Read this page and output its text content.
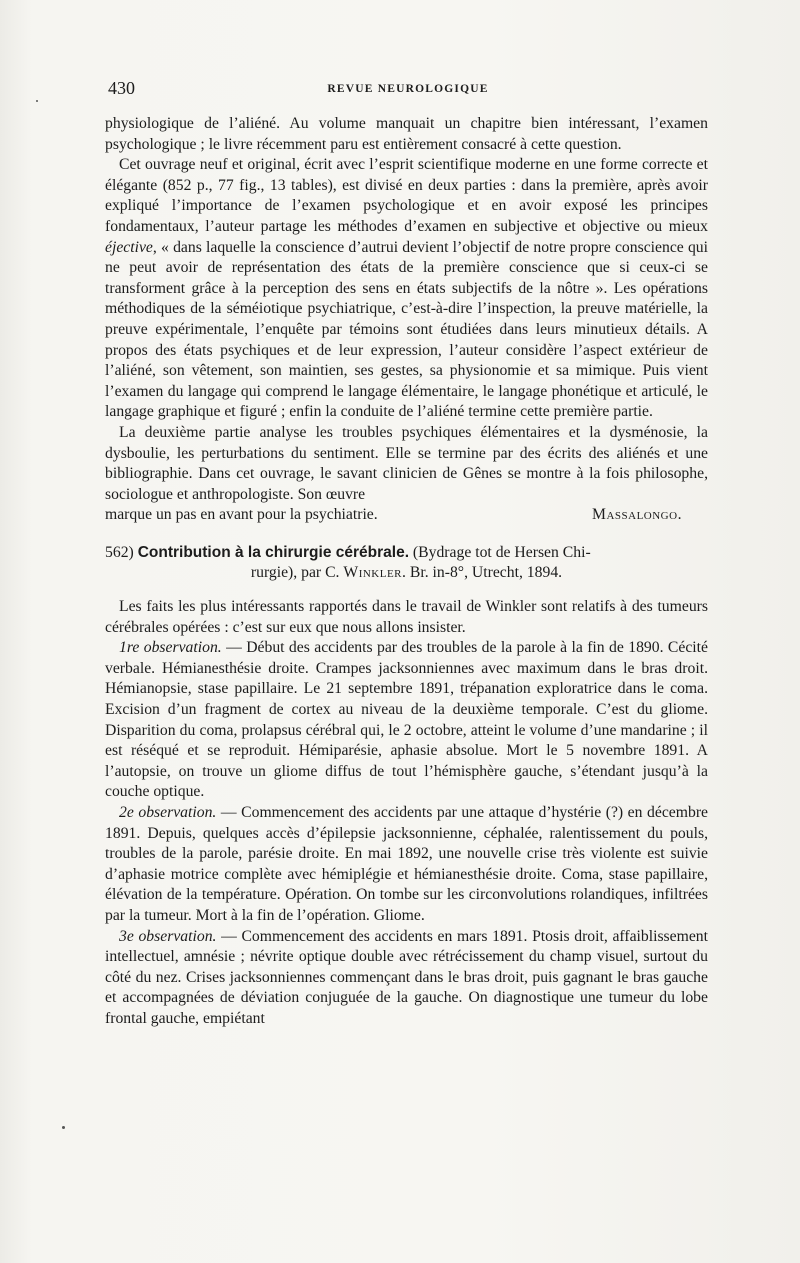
430	REVUE NEUROLOGIQUE

physiologique de l’aliéné. Au volume manquait un chapitre bien intéressant, l’examen psychologique ; le livre récemment paru est entièrement consacré à cette question.

Cet ouvrage neuf et original, écrit avec l’esprit scientifique moderne en une forme correcte et élégante (852 p., 77 fig., 13 tables), est divisé en deux parties : dans la première, après avoir expliqué l’importance de l’examen psychologique et en avoir exposé les principes fondamentaux, l’auteur partage les méthodes d’examen en subjective et objective ou mieux éjective, « dans laquelle la conscience d’autrui devient l’objectif de notre propre conscience qui ne peut avoir de représentation des états de la première conscience que si ceux-ci se transforment grâce à la perception des sens en états subjectifs de la nôtre ». Les opérations méthodiques de la séméiotique psychiatrique, c’est-à-dire l’inspection, la preuve matérielle, la preuve expérimentale, l’enquête par témoins sont étudiées dans leurs minutieux détails. A propos des états psychiques et de leur expression, l’auteur considère l’aspect extérieur de l’aliéné, son vêtement, son maintien, ses gestes, sa physionomie et sa mimique. Puis vient l’examen du langage qui comprend le langage élémentaire, le langage phonétique et articulé, le langage graphique et figuré ; enfin la conduite de l’aliéné termine cette première partie.

La deuxième partie analyse les troubles psychiques élémentaires et la dysménosie, la dysboulie, les perturbations du sentiment. Elle se termine par des écrits des aliénés et une bibliographie. Dans cet ouvrage, le savant clinicien de Gênes se montre à la fois philosophe, sociologue et anthropologiste. Son œuvre

marque un pas en avant pour la psychiatrie.	Massalongo.

562) Contribution à la chirurgie cérébrale. (Bydrage tot de Hersen Chi-
rurgie), par C. Winkler. Br. in-8°, Utrecht, 1894.

Les faits les plus intéressants rapportés dans le travail de Winkler sont relatifs à des tumeurs cérébrales opérées : c’est sur eux que nous allons insister.

1re observation. — Début des accidents par des troubles de la parole à la fin de 1890. Cécité verbale. Hémianesthésie droite. Crampes jacksonniennes avec maximum dans le bras droit. Hémianopsie, stase papillaire. Le 21 septembre 1891, trépanation exploratrice dans le coma. Excision d’un fragment de cortex au niveau de la deuxième temporale. C’est du gliome. Disparition du coma, prolapsus cérébral qui, le 2 octobre, atteint le volume d’une mandarine ; il est réséqué et se reproduit. Hémiparésie, aphasie absolue. Mort le 5 novembre 1891. A l’autopsie, on trouve un gliome diffus de tout l’hémisphère gauche, s’étendant jusqu’à la couche optique.

2e observation. — Commencement des accidents par une attaque d’hystérie (?) en décembre 1891. Depuis, quelques accès d’épilepsie jacksonnienne, céphalée, ralentissement du pouls, troubles de la parole, parésie droite. En mai 1892, une nouvelle crise très violente est suivie d’aphasie motrice complète avec hémiplégie et hémianesthésie droite. Coma, stase papillaire, élévation de la température. Opération. On tombe sur les circonvolutions rolandiques, infiltrées par la tumeur. Mort à la fin de l’opération. Gliome.

3e observation. — Commencement des accidents en mars 1891. Ptosis droit, affaiblissement intellectuel, amnésie ; névrite optique double avec rétrécissement du champ visuel, surtout du côté du nez. Crises jacksonniennes commençant dans le bras droit, puis gagnant le bras gauche et accompagnées de déviation conjuguée de la gauche. On diagnostique une tumeur du lobe frontal gauche, empiétant
